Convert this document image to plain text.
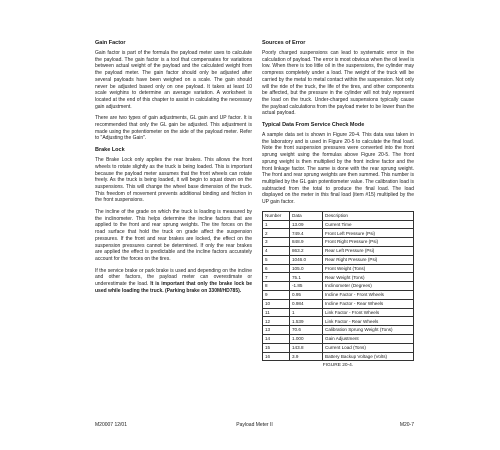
Gain Factor

Gain factor is part of the formula the payload meter uses to calculate the payload. The gain factor is a tool that compensates for variations between actual weight of the payload and the calculated weight from the payload meter. The gain factor should only be adjusted after several payloads have been weighed on a scale. The gain should never be adjusted based only on one payload. It takes at least 10 scale weighins to determine an average variation. A worksheet is located at the end of this chapter to assist in calculating the necessary gain adjustment.

There are two types of gain adjustments, GL gain and UP factor. It is recommended that only the GL gain be adjusted. This adjustment is made using the potentiometer on the side of the payload meter. Refer to "Adjusting the Gain".

Brake Lock

The Brake Lock only applies the rear brakes. This allows the front wheels to rotate slightly as the truck is being loaded. This is important because the payload meter assumes that the front wheels can rotate freely. As the truck is being loaded, it will begin to squat down on the suspensions. This will change the wheel base dimension of the truck. This freedom of movement prevents additional binding and friction in the front suspensions.

The incline of the grade on which the truck is loading is measured by the inclinometer. This helps determine the incline factors that are applied to the front and rear sprung weights. The tire forces on the road surface that hold the truck on grade affect the suspension pressures. If the front and rear brakes are locked, the effect on the suspension pressures cannot be determined. If only the rear brakes are applied the effect is predictable and the incline factors accurately account for the forces on the tires.

If the service brake or park brake is used and depending on the incline and other factors, the payload meter can overestimate or underestimate the load. It is important that only the brake lock be used while loading the truck. (Parking brake on 330M/HD785).

Sources of Error

Poorly charged suspensions can lead to systematic error in the calculation of payload. The error is most obvious when the oil level is low. When there is too little oil in the suspensions, the cylinder may compress completely under a load. The weight of the truck will be carried by the metal to metal contact within the suspension. Not only will the ride of the truck, the life of the tires, and other components be affected, but the pressure in the cylinder will not truly represent the load on the truck. Under-charged suspensions typically cause the payload calculations from the payload meter to be lower than the actual payload.

Typical Data From Service Check Mode

A sample data set is shown in Figure 20-4. This data was taken in the laboratory and is used in Figure 20-5 to calculate the final load. Note the front suspension pressures were converted into the front sprung weight using the formulas above Figure 20-5. The front sprung weight is then multiplied by the front incline factor and the front linkage factor. The same is done with the rear sprung weight. The front and rear sprung weights are then summed. This number is multiplied by the GL gain potentiometer value. The calibration load is subtracted from the total to produce the final load. The load displayed on the meter in this final load (item #15) multiplied by the UP gain factor.

Number	Data	Description
1	13.09	Current Time
2	749.4	Front Left Pressure (Psi)
3	848.9	Front Right Pressure (Psi)
4	863.2	Rear Left Pressure (Psi)
5	1046.0	Rear Right Pressure (Psi)
6	105.0	Front Weight (Tons)
7	75.1	Rear Weight (Tons)
8	-1.85	Inclinometer (Degrees)
9	0.95	Incline Factor - Front Wheels
10	0.984	Incline Factor - Rear Wheels
11	1	Link Factor - Front Wheels
12	1.539	Link Factor - Rear Wheels
13	70.6	Calibration Sprung Weight (Tons)
14	1.000	Gain Adjustment
15	143.8	Current Load (Tons)
16	3.9	Battery Backup Voltage (Volts)
FIGURE 20-4.
Payload Meter II
M20007 12/01	M20-7
